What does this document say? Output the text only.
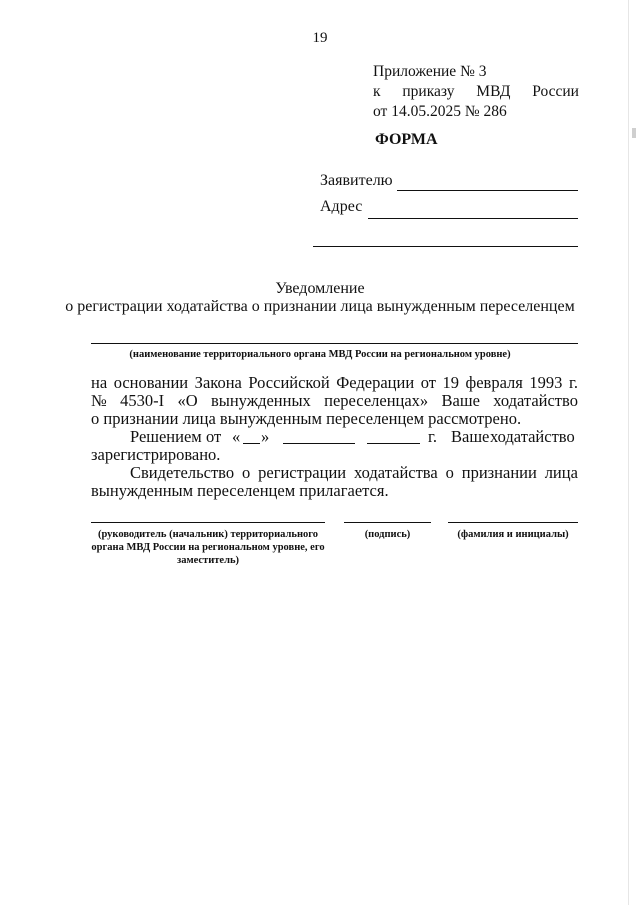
19
Приложение № 3
к приказу МВД России
от 14.05.2025 № 286
ФОРМА
Заявителю
Адрес
Уведомление
о регистрации ходатайства о признании лица вынужденным переселенцем
(наименование территориального органа МВД России на региональном уровне)
на основании Закона Российской Федерации от 19 февраля 1993 г.
№ 4530-I «О вынужденных переселенцах» Ваше ходатайство
о признании лица вынужденным переселенцем рассмотрено.
Решением от « »	г. Ваше ходатайство
зарегистрировано.
Свидетельство о регистрации ходатайства о признании лица
вынужденным переселенцем прилагается.
(руководитель (начальник) территориального
органа МВД России на региональном уровне, его
заместитель)
(подпись)	(фамилия и инициалы)
